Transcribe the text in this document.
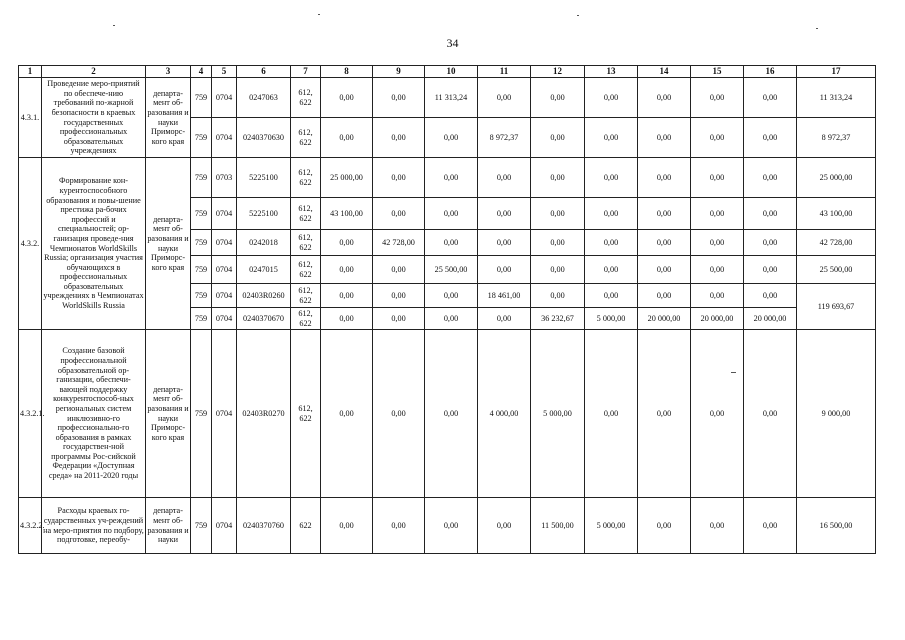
34
1	2	3	4	5	6	7	8	9	10	11	12	13	14	15	16	17
4.3.1.	Проведение меро-приятий по обеспече-нию требований по-жарной безопасности в краевых государственных профессиональных образовательных учреждениях	департа-мент об-разования и науки Приморс-кого края	759	0704	0247063	612, 622	0,00	0,00	11 313,24	0,00	0,00	0,00	0,00	0,00	0,00	11 313,24
			759	0704	0240370630	612, 622	0,00	0,00	0,00	8 972,37	0,00	0,00	0,00	0,00	0,00	8 972,37
4.3.2.	Формирование кон-курентоспособного образования и повы-шение престижа ра-бочих профессий и специальностей; ор-ганизация проведе-ния Чемпионатов WorldSkills Russia; организация участия обучающихся в профессиональных образовательных учреждениях в Чемпионатах WorldSkills Russia	департа-мент об-разования и науки Приморс-кого края	759	0703	5225100	612, 622	25 000,00	0,00	0,00	0,00	0,00	0,00	0,00	0,00	0,00	25 000,00
			759	0704	5225100	612, 622	43 100,00	0,00	0,00	0,00	0,00	0,00	0,00	0,00	0,00	43 100,00
			759	0704	0242018	612, 622	0,00	42 728,00	0,00	0,00	0,00	0,00	0,00	0,00	0,00	42 728,00
			759	0704	0247015	612, 622	0,00	0,00	25 500,00	0,00	0,00	0,00	0,00	0,00	0,00	25 500,00
			759	0704	02403R0260	612, 622	0,00	0,00	0,00	18 461,00	0,00	0,00	0,00	0,00	0,00	119 693,67
			759	0704	0240370670	612, 622	0,00	0,00	0,00	0,00	36 232,67	5 000,00	20 000,00	20 000,00	20 000,00	
4.3.2.1.	Создание базовой профессиональной образовательной ор-ганизации, обеспечи-вающей поддержку конкурентоспособ-ных региональных систем инклюзивно-го профессионально-го образования в рамках государствен-ной программы Рос-сийской Федерации «Доступная среда» на 2011-2020 годы	департа-мент об-разования и науки Приморс-кого края	759	0704	02403R0270	612, 622	0,00	0,00	0,00	4 000,00	5 000,00	0,00	0,00	0,00	0,00	9 000,00
4.3.2.2.	Расходы краевых го-сударственных уч-реждений на меро-приятия по подбору, подготовке, переобу-	департа-мент об-разования и науки	759	0704	0240370760	622	0,00	0,00	0,00	0,00	11 500,00	5 000,00	0,00	0,00	0,00	16 500,00
